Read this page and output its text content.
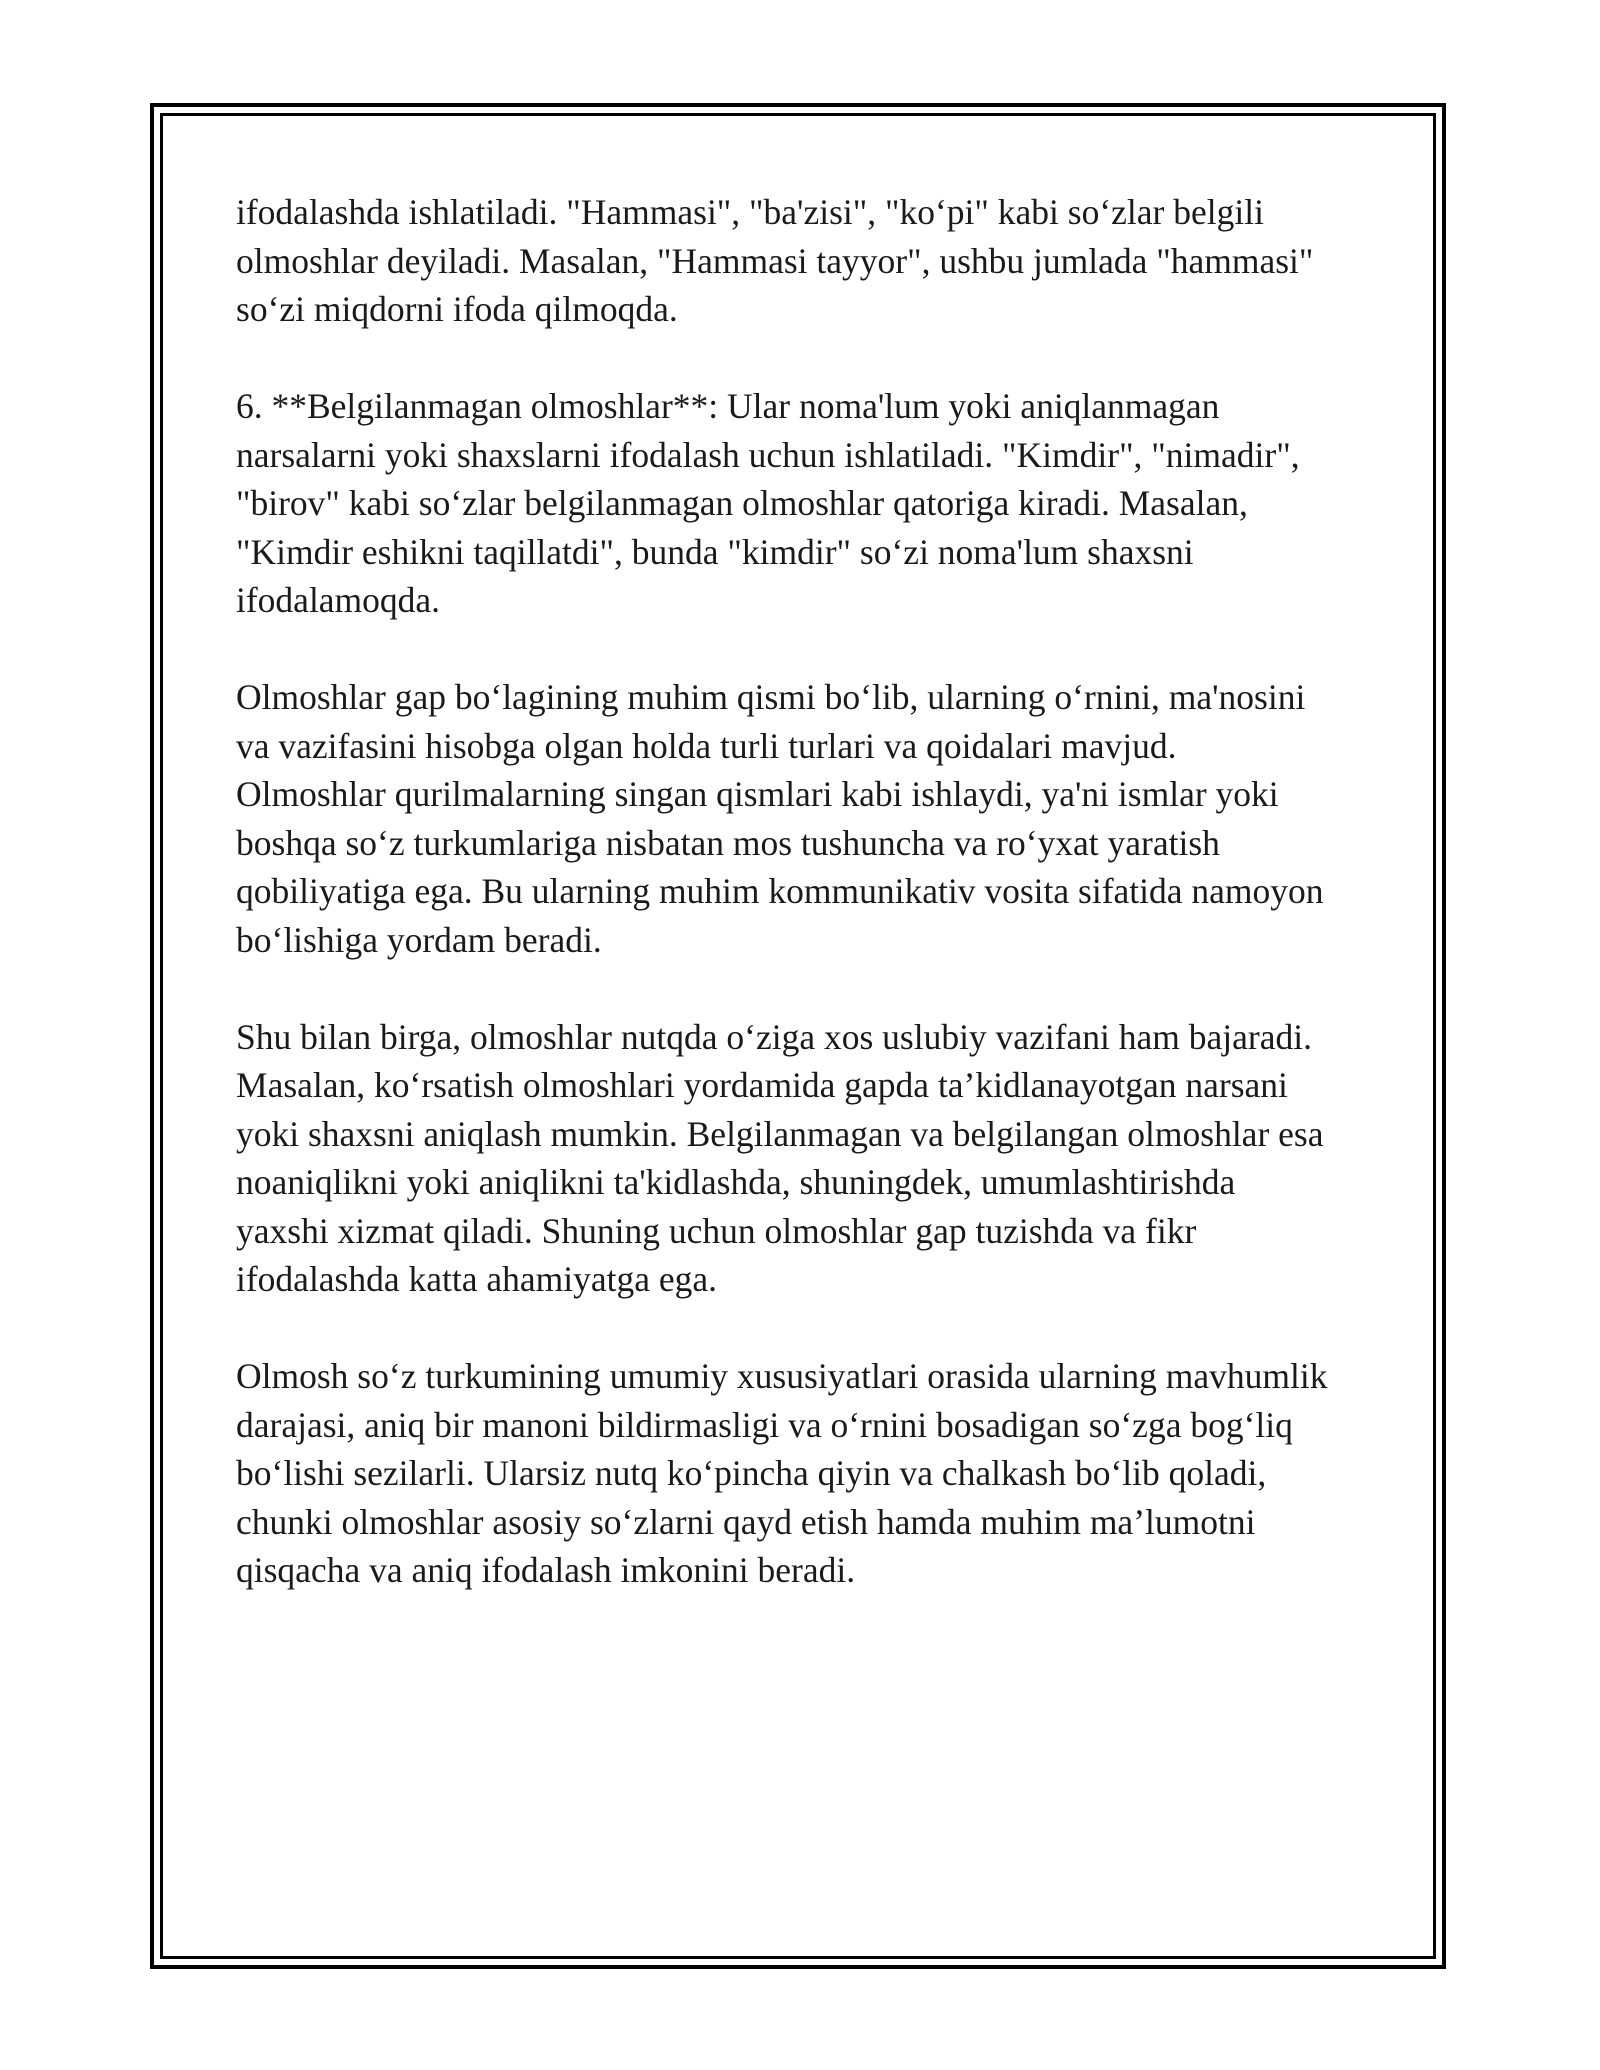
ifodalashda ishlatiladi. "Hammasi", "ba'zisi", "ko‘pi" kabi so‘zlar belgili
olmoshlar deyiladi. Masalan, "Hammasi tayyor", ushbu jumlada "hammasi"
so‘zi miqdorni ifoda qilmoqda.

6. **Belgilanmagan olmoshlar**: Ular noma'lum yoki aniqlanmagan
narsalarni yoki shaxslarni ifodalash uchun ishlatiladi. "Kimdir", "nimadir",
"birov" kabi so‘zlar belgilanmagan olmoshlar qatoriga kiradi. Masalan,
"Kimdir eshikni taqillatdi", bunda "kimdir" so‘zi noma'lum shaxsni
ifodalamoqda.

Olmoshlar gap bo‘lagining muhim qismi bo‘lib, ularning o‘rnini, ma'nosini
va vazifasini hisobga olgan holda turli turlari va qoidalari mavjud.
Olmoshlar qurilmalarning singan qismlari kabi ishlaydi, ya'ni ismlar yoki
boshqa so‘z turkumlariga nisbatan mos tushuncha va ro‘yxat yaratish
qobiliyatiga ega. Bu ularning muhim kommunikativ vosita sifatida namoyon
bo‘lishiga yordam beradi.

Shu bilan birga, olmoshlar nutqda o‘ziga xos uslubiy vazifani ham bajaradi.
Masalan, ko‘rsatish olmoshlari yordamida gapda ta’kidlanayotgan narsani
yoki shaxsni aniqlash mumkin. Belgilanmagan va belgilangan olmoshlar esa
noaniqlikni yoki aniqlikni ta'kidlashda, shuningdek, umumlashtirishda
yaxshi xizmat qiladi. Shuning uchun olmoshlar gap tuzishda va fikr
ifodalashda katta ahamiyatga ega.

Olmosh so‘z turkumining umumiy xususiyatlari orasida ularning mavhumlik
darajasi, aniq bir manoni bildirmasligi va o‘rnini bosadigan so‘zga bog‘liq
bo‘lishi sezilarli. Ularsiz nutq ko‘pincha qiyin va chalkash bo‘lib qoladi,
chunki olmoshlar asosiy so‘zlarni qayd etish hamda muhim ma’lumotni
qisqacha va aniq ifodalash imkonini beradi.
